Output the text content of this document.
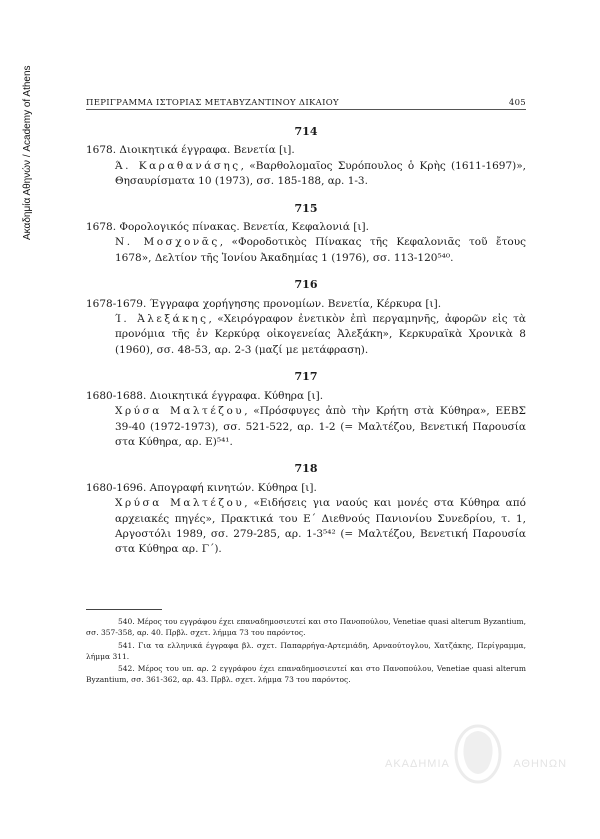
Ακαδημία Αθηνών / Academy of Athens	ΠΕΡΙΓΡΑΜΜΑ ΙΣΤΟΡΙΑΣ ΜΕΤΑΒΥΖΑΝΤΙΝΟΥ ΔΙΚΑΙΟΥ	405
714
1678. Διοικητικά έγγραφα. Βενετία [ι].
Ά. Καραθανάσης, «Βαρθολομαῖος Συρόπουλος ὁ Κρὴς (1611-1697)», Θησαυρίσματα 10 (1973), σσ. 185-188, αρ. 1-3.
715
1678. Φορολογικός πίνακας. Βενετία, Κεφαλονιά [ι].
Ν. Μοσχονᾶς, «Φοροδοτικὸς Πίνακας τῆς Κεφαλονιᾶς τοῦ ἔτους 1678», Δελτίον τῆς Ἰονίου Ἀκαδημίας 1 (1976), σσ. 113-120⁵⁴⁰.
716
1678-1679. Έγγραφα χορήγησης προνομίων. Βενετία, Κέρκυρα [ι].
Ί. Ἀλεξάκης, «Χειρόγραφον ἐνετικὸν ἐπὶ περγαμηνῆς, ἀφορῶν εἰς τὰ προνόμια τῆς ἐν Κερκύρᾳ οἰκογενείας Ἀλεξάκη», Κερκυραϊκὰ Χρονικὰ 8 (1960), σσ. 48-53, αρ. 2-3 (μαζί με μετάφραση).
717
1680-1688. Διοικητικά έγγραφα. Κύθηρα [ι].
Χρύσα Μαλτέζου, «Πρόσφυγες ἀπὸ τὴν Κρήτη στὰ Κύθηρα», ΕΕΒΣ 39-40 (1972-1973), σσ. 521-522, αρ. 1-2 (= Μαλτέζου, Βενετική Παρουσία στα Κύθηρα, αρ. Ε)⁵⁴¹.
718
1680-1696. Απογραφή κινητών. Κύθηρα [ι].
Χρύσα Μαλτέζου, «Ειδήσεις για ναούς και μονές στα Κύθηρα από αρχειακές πηγές», Πρακτικά του Ε΄ Διεθνούς Πανιονίου Συνεδρίου, τ. 1, Αργοστόλι 1989, σσ. 279-285, αρ. 1-3⁵⁴² (= Μαλτέζου, Βενετική Παρουσία στα Κύθηρα αρ. Γ΄).

540. Μέρος του εγγράφου έχει επαναδημοσιευτεί και στο Πανοπούλου, Venetiae quasi alterum Byzantium, σσ. 357-358, αρ. 40. Πρβλ. σχετ. λήμμα 73 του παρόντος.

541. Για τα ελληνικά έγγραφα βλ. σχετ. Παπαρρήγα-Αρτεμιάδη, Αρναούτογλου, Χατζάκης, Περίγραμμα, λήμμα 311.

542. Μέρος του υπ. αρ. 2 εγγράφου έχει επαναδημοσιευτεί και στο Πανοπούλου, Venetiae quasi alterum Byzantium, σσ. 361-362, αρ. 43. Πρβλ. σχετ. λήμμα 73 του παρόντος.

ΑΚΑΔΗΜΙΑ	ΑΘΗΝΩΝ
